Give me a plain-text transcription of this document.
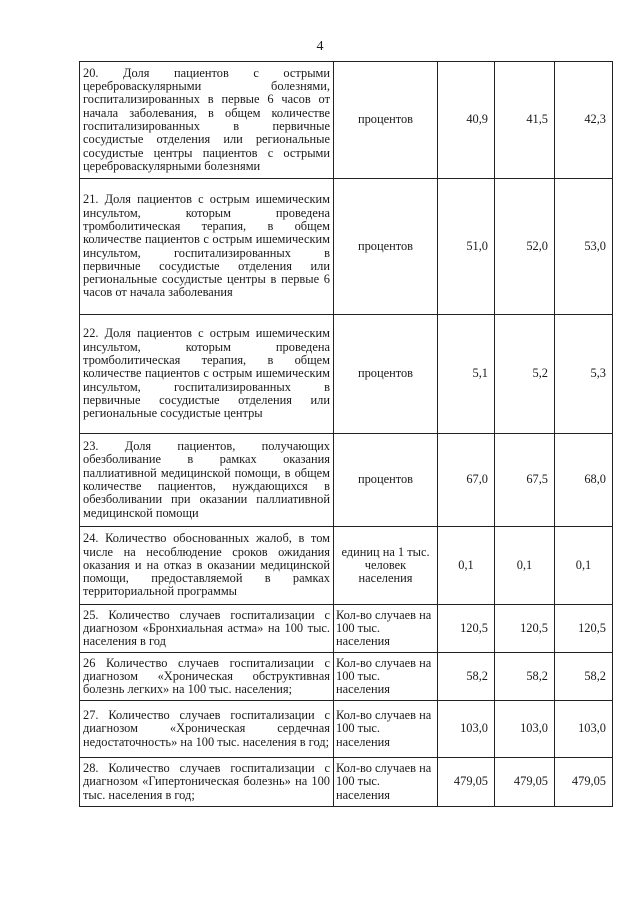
4
20. Доля пациентов с острыми цереброваскулярными болезнями, госпитализированных в первые 6 часов от начала заболевания, в общем количестве госпитализированных в первичные сосудистые отделения или региональные сосудистые центры пациентов с острыми цереброваскулярными болезнями	процентов	40,9	41,5	42,3
21. Доля пациентов с острым ишемическим инсультом, которым проведена тромболитическая терапия, в общем количестве пациентов с острым ишемическим инсультом, госпитализированных в первичные сосудистые отделения или региональные сосудистые центры в первые 6 часов от начала заболевания	процентов	51,0	52,0	53,0
22. Доля пациентов с острым ишемическим инсультом, которым проведена тромболитическая терапия, в общем количестве пациентов с острым ишемическим инсультом, госпитализированных в первичные сосудистые отделения или региональные сосудистые центры	процентов	5,1	5,2	5,3
23. Доля пациентов, получающих обезболивание в рамках оказания паллиативной медицинской помощи, в общем количестве пациентов, нуждающихся в обезболивании при оказании паллиативной медицинской помощи	процентов	67,0	67,5	68,0
24. Количество обоснованных жалоб, в том числе на несоблюдение сроков ожидания оказания и на отказ в оказании медицинской помощи, предоставляемой в рамках территориальной программы	единиц на 1 тыс. человек населения	0,1	0,1	0,1
25. Количество случаев госпитализации с диагнозом «Бронхиальная астма» на 100 тыс. населения в год	Кол-во случаев на 100 тыс. населения	120,5	120,5	120,5
26 Количество случаев госпитализации с диагнозом «Хроническая обструктивная болезнь легких» на 100 тыс. населения;	Кол-во случаев на 100 тыс. населения	58,2	58,2	58,2
27. Количество случаев госпитализации с диагнозом «Хроническая сердечная недостаточность» на 100 тыс. населения в год;	Кол-во случаев на 100 тыс. населения	103,0	103,0	103,0
28. Количество случаев госпитализации с диагнозом «Гипертоническая болезнь» на 100 тыс. населения в год;	Кол-во случаев на 100 тыс. населения	479,05	479,05	479,05
